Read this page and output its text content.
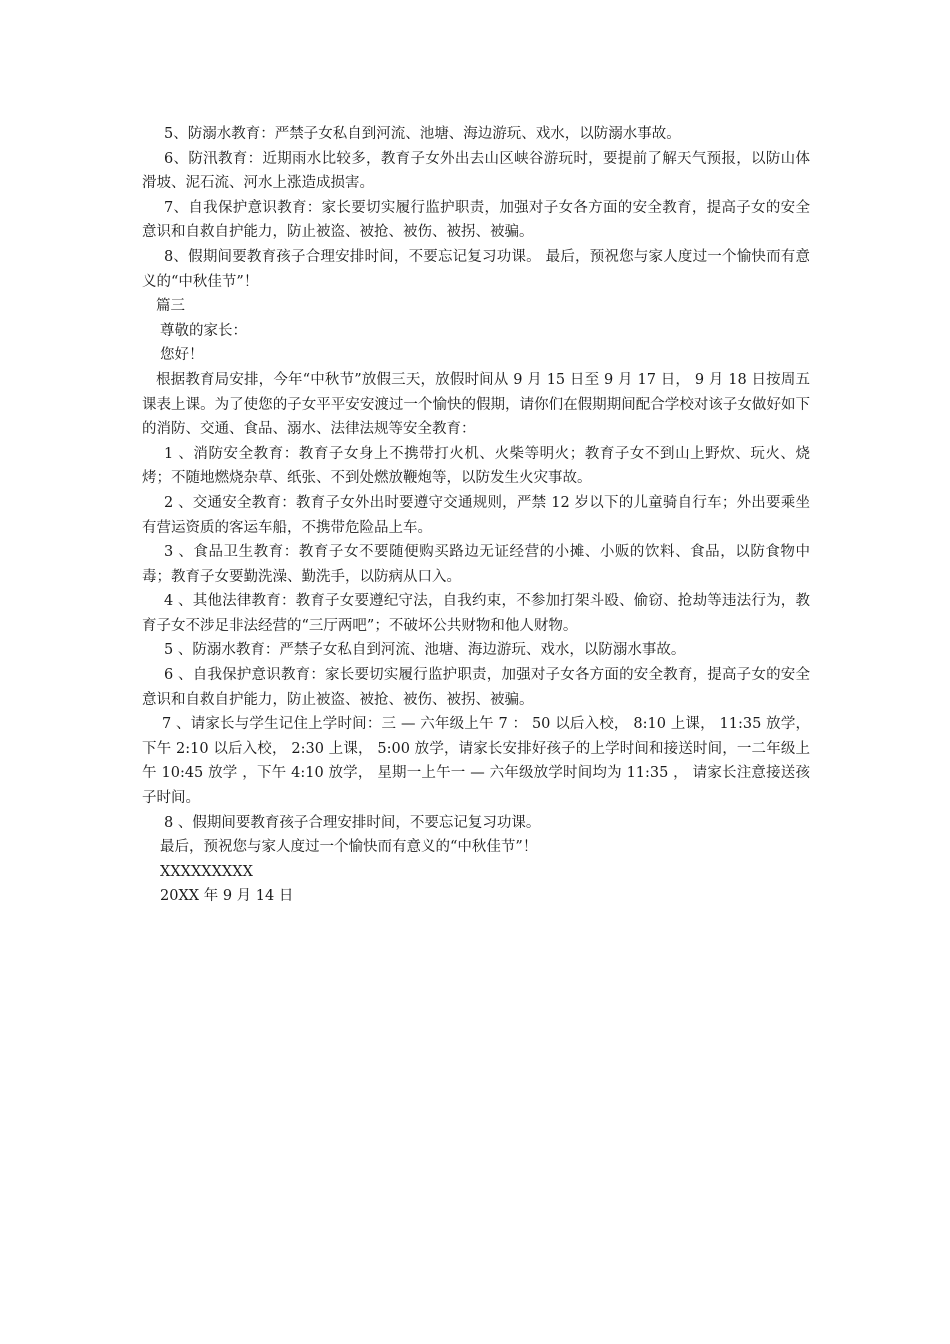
5、防溺水教育：严禁子女私自到河流、池塘、海边游玩、戏水，以防溺水事故。

6、防汛教育：近期雨水比较多，教育子女外出去山区峡谷游玩时，要提前了解天气预报，以防山体滑坡、泥石流、河水上涨造成损害。

7、自我保护意识教育：家长要切实履行监护职责，加强对子女各方面的安全教育，提高子女的安全意识和自救自护能力，防止被盗、被抢、被伤、被拐、被骗。

8、假期间要教育孩子合理安排时间，不要忘记复习功课。 最后，预祝您与家人度过一个愉快而有意义的“中秋佳节”！

篇三

尊敬的家长：

您好！

根据教育局安排，今年“中秋节”放假三天，放假时间从 9 月 15 日至 9 月 17 日， 9 月 18 日按周五课表上课。为了使您的子女平平安安渡过一个愉快的假期，请你们在假期期间配合学校对该子女做好如下的消防、交通、食品、溺水、法律法规等安全教育：

1 、消防安全教育：教育子女身上不携带打火机、火柴等明火；教育子女不到山上野炊、玩火、烧烤；不随地燃烧杂草、纸张、不到处燃放鞭炮等，以防发生火灾事故。

2 、交通安全教育：教育子女外出时要遵守交通规则，严禁 12 岁以下的儿童骑自行车；外出要乘坐有营运资质的客运车船，不携带危险品上车。

3 、食品卫生教育：教育子女不要随便购买路边无证经营的小摊、小贩的饮料、食品，以防食物中毒；教育子女要勤洗澡、勤洗手，以防病从口入。

4 、其他法律教育：教育子女要遵纪守法，自我约束，不参加打架斗殴、偷窃、抢劫等违法行为，教育子女不涉足非法经营的“三厅两吧”；不破坏公共财物和他人财物。

5 、防溺水教育：严禁子女私自到河流、池塘、海边游玩、戏水，以防溺水事故。

6 、自我保护意识教育：家长要切实履行监护职责，加强对子女各方面的安全教育，提高子女的安全意识和自救自护能力，防止被盗、被抢、被伤、被拐、被骗。

7 、请家长与学生记住上学时间：三 — 六年级上午 7 ： 50 以后入校， 8:10 上课， 11:35 放学，下午 2:10 以后入校， 2:30 上课， 5:00 放学，请家长安排好孩子的上学时间和接送时间，一二年级上午 10:45 放学 ，下午 4:10 放学， 星期一上午一 — 六年级放学时间均为 11:35 ， 请家长注意接送孩子时间。

8 、假期间要教育孩子合理安排时间，不要忘记复习功课。

最后，预祝您与家人度过一个愉快而有意义的“中秋佳节”！

XXXXXXXXX

20XX 年 9 月 14 日
